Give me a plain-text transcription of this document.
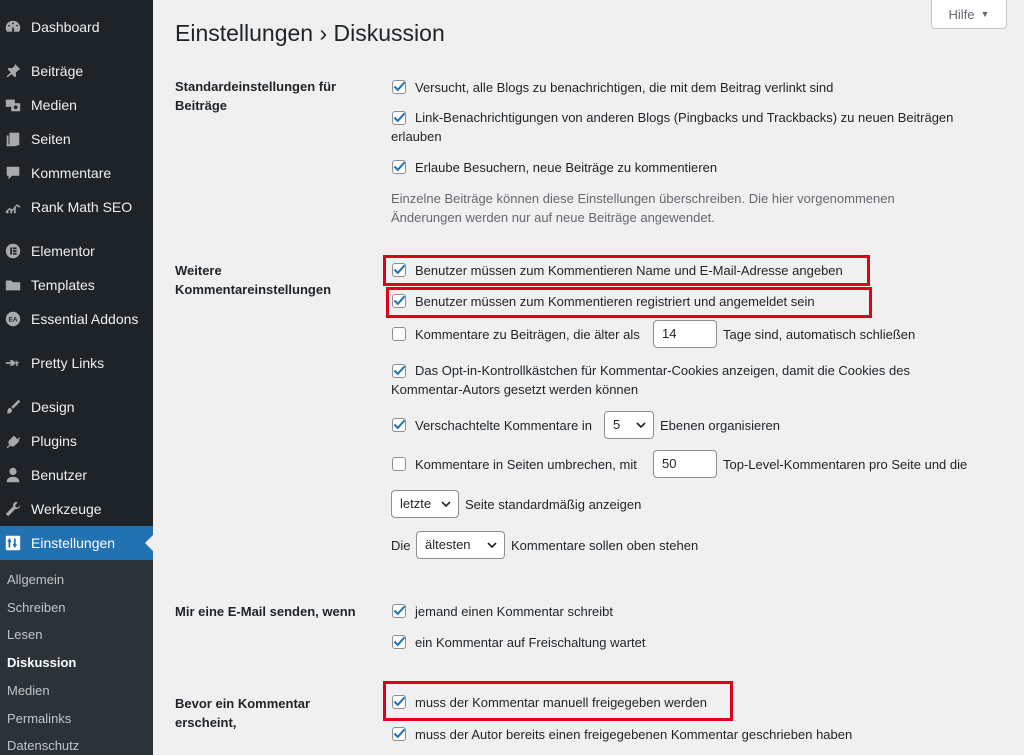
Dashboard
Beiträge
Medien
Seiten
Kommentare
Rank Math SEO
Elementor
Templates
EA Essential Addons
Pretty Links
Design
Plugins
Benutzer
Werkzeuge
Einstellungen
Allgemein
Schreiben
Lesen
Diskussion
Medien
Permalinks
Datenschutz
Hilfe ▼
Einstellungen › Diskussion
Standardeinstellungen für Beiträge
Versucht, alle Blogs zu benachrichtigen, die mit dem Beitrag verlinkt sind
Link-Benachrichtigungen von anderen Blogs (Pingbacks und Trackbacks) zu neuen Beiträgen erlauben
Erlaube Besuchern, neue Beiträge zu kommentieren
Einzelne Beiträge können diese Einstellungen überschreiben. Die hier vorgenommenen Änderungen werden nur auf neue Beiträge angewendet.
Weitere Kommentareinstellungen
Benutzer müssen zum Kommentieren Name und E-Mail-Adresse angeben
Benutzer müssen zum Kommentieren registriert und angemeldet sein
Kommentare zu Beiträgen, die älter als	14	Tage sind, automatisch schließen
Das Opt-in-Kontrollkästchen für Kommentar-Cookies anzeigen, damit die Cookies des Kommentar-Autors gesetzt werden können
Verschachtelte Kommentare in	5	Ebenen organisieren
Kommentare in Seiten umbrechen, mit	50	Top-Level-Kommentaren pro Seite und die
letzte	Seite standardmäßig anzeigen
Die	ältesten	Kommentare sollen oben stehen
Mir eine E-Mail senden, wenn	jemand einen Kommentar schreibt
ein Kommentar auf Freischaltung wartet
Bevor ein Kommentar erscheint,
muss der Kommentar manuell freigegeben werden
muss der Autor bereits einen freigegebenen Kommentar geschrieben haben
